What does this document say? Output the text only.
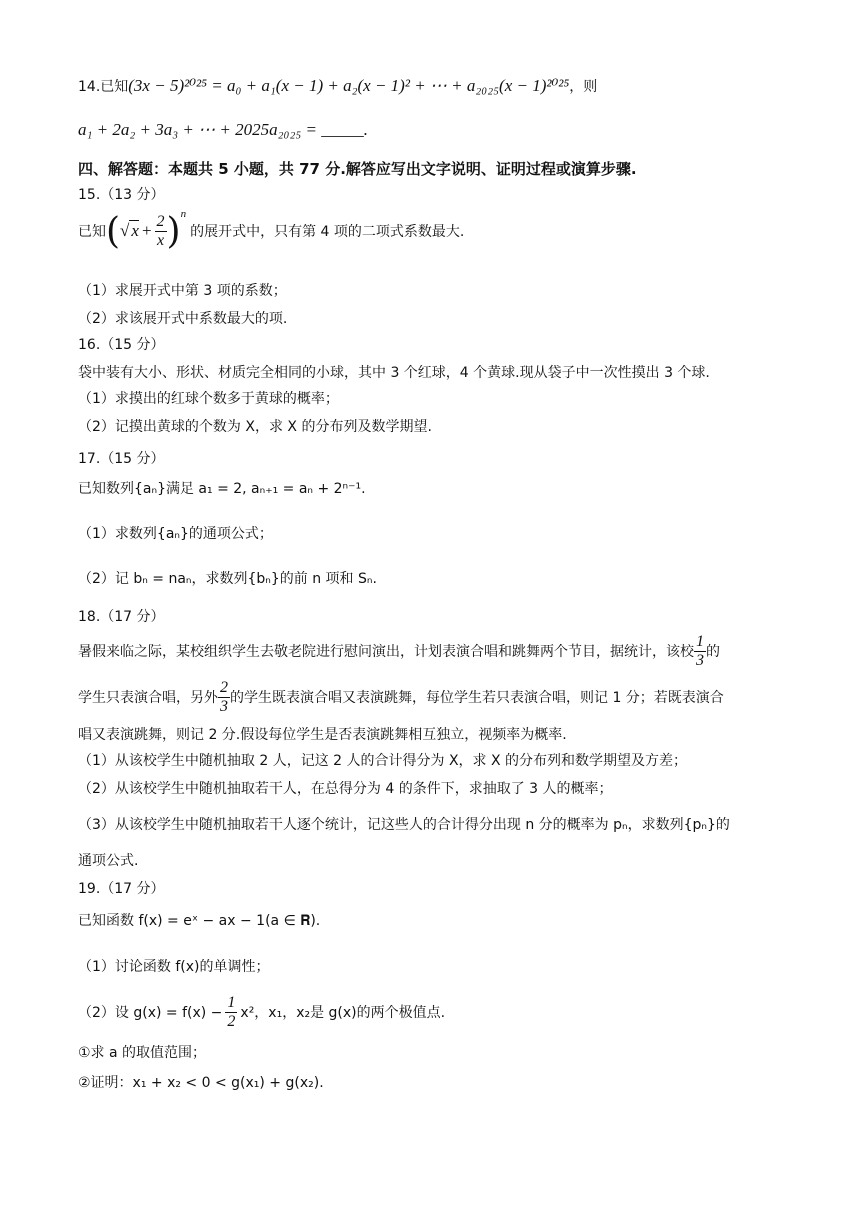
14.已知(3x − 5)²⁰²⁵ = a₀ + a₁(x − 1) + a₂(x − 1)² + ⋯ + a₂₀₂₅(x − 1)²⁰²⁵，则
a₁ + 2a₂ + 3a₃ + ⋯ + 2025a₂₀₂₅ = _____.
四、解答题：本题共 5 小题，共 77 分.解答应写出文字说明、证明过程或演算步骤.
15.（13 分）
已知 ( √ $x + \frac{2}{x}$ ) n
的展开式中，只有第 4 项的二项式系数最大.
（1）求展开式中第 3 项的系数；
（2）求该展开式中系数最大的项.
16.（15 分）
袋中装有大小、形状、材质完全相同的小球，其中 3 个红球，4 个黄球.现从袋子中一次性摸出 3 个球.
（1）求摸出的红球个数多于黄球的概率；
（2）记摸出黄球的个数为 X，求 X 的分布列及数学期望.
17.（15 分）
已知数列{aₙ}满足 a₁ = 2, aₙ₊₁ = aₙ + 2ⁿ⁻¹.
（1）求数列{aₙ}的通项公式；
（2）记 bₙ = naₙ，求数列{bₙ}的前 n 项和 Sₙ.
18.（17 分）
暑假来临之际，某校组织学生去敬老院进行慰问演出，计划表演合唱和跳舞两个节目，据统计，该校 $\frac{1}{3}$ 的
学生只表演合唱，另外 $\frac{2}{3}$ 的学生既表演合唱又表演跳舞，每位学生若只表演合唱，则记 1 分；若既表演合
唱又表演跳舞，则记 2 分.假设每位学生是否表演跳舞相互独立，视频率为概率.
（1）从该校学生中随机抽取 2 人，记这 2 人的合计得分为 X，求 X 的分布列和数学期望及方差；
（2）从该校学生中随机抽取若干人，在总得分为 4 的条件下，求抽取了 3 人的概率；
（3）从该校学生中随机抽取若干人逐个统计，记这些人的合计得分出现 n 分的概率为 pₙ，求数列{pₙ}的
通项公式.
19.（17 分）
已知函数 f(x) = eˣ − ax − 1(a ∈ 𝐑).
（1）讨论函数 f(x)的单调性；
（2）设 $g(x) = f(x) - \frac{1}{2} x^2$，x₁，x₂是 g(x)的两个极值点.
①求 a 的取值范围；
②证明：x₁ + x₂ < 0 < g(x₁) + g(x₂).
